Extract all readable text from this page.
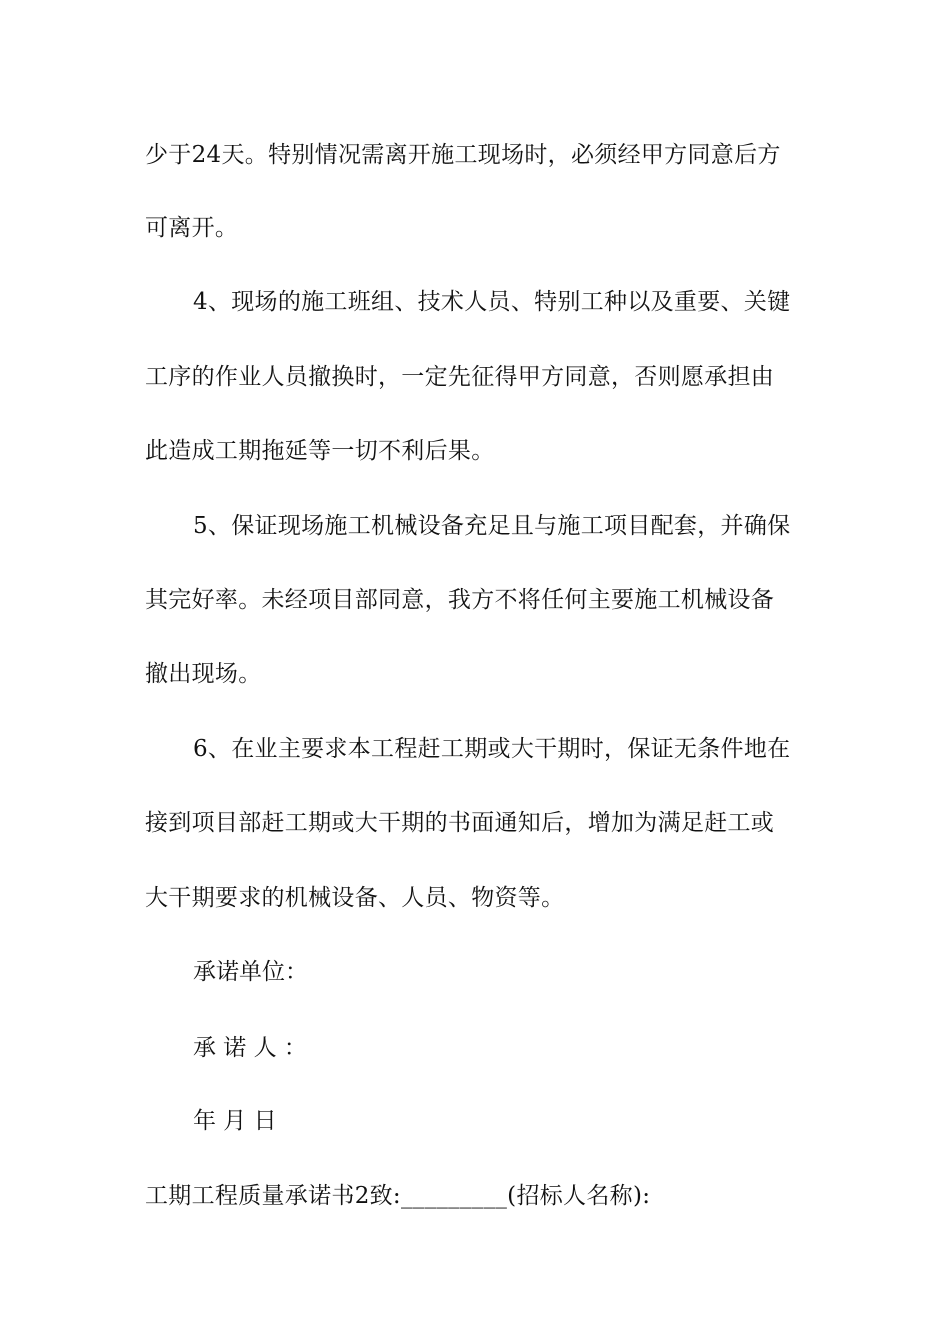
少于24天。特别情况需离开施工现场时，必须经甲方同意后方
可离开。
4、现场的施工班组、技术人员、特别工种以及重要、关键
工序的作业人员撤换时，一定先征得甲方同意，否则愿承担由
此造成工期拖延等一切不利后果。
5、保证现场施工机械设备充足且与施工项目配套，并确保
其完好率。未经项目部同意，我方不将任何主要施工机械设备
撤出现场。
6、在业主要求本工程赶工期或大干期时，保证无条件地在
接到项目部赶工期或大干期的书面通知后，增加为满足赶工或
大干期要求的机械设备、人员、物资等。
承诺单位：
承 诺 人 ：
年 月 日
工期工程质量承诺书2致:_________(招标人名称):
